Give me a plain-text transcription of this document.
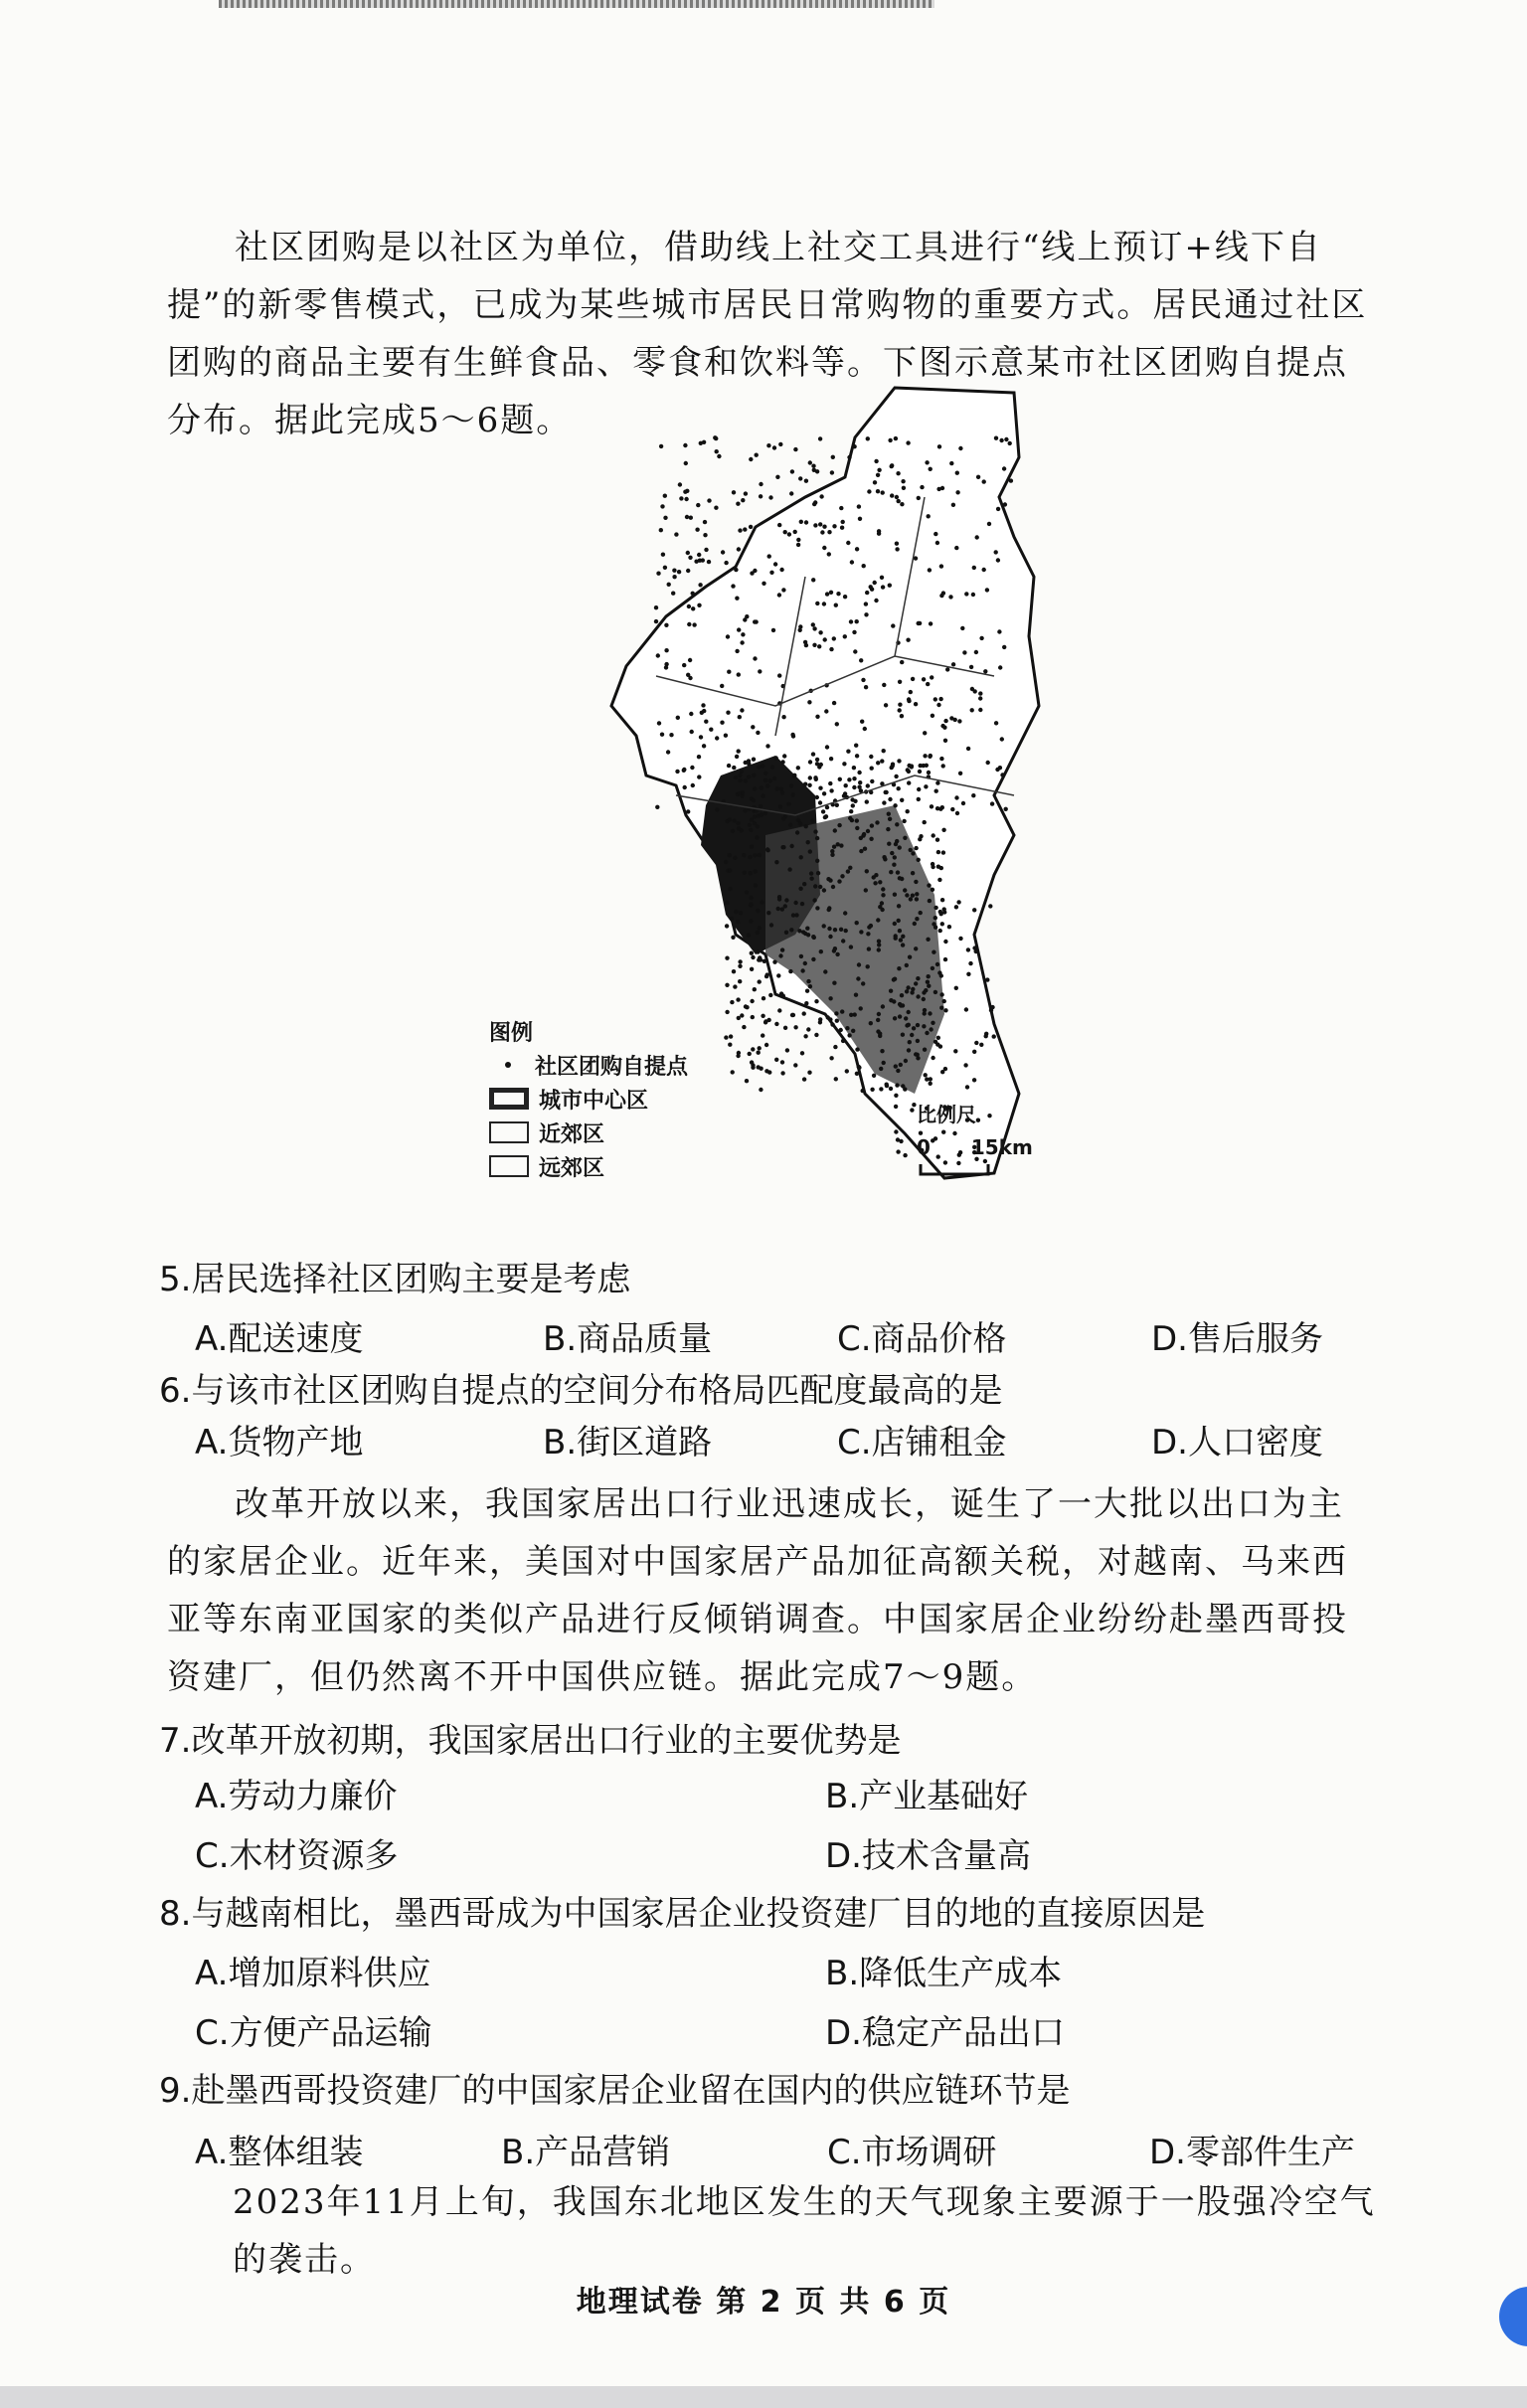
社区团购是以社区为单位，借助线上社交工具进行“线上预订+线下自提”的新零售模式，已成为某些城市居民日常购物的重要方式。居民通过社区团购的商品主要有生鲜食品、零食和饮料等。下图示意某市社区团购自提点分布。据此完成5～6题。

图例
社区团购自提点
城市中心区
近郊区
远郊区
比例尺
0 15km
5.居民选择社区团购主要是考虑
A.配送速度	B.商品质量	C.商品价格	D.售后服务
6.与该市社区团购自提点的空间分布格局匹配度最高的是
A.货物产地	B.街区道路	C.店铺租金	D.人口密度

改革开放以来，我国家居出口行业迅速成长，诞生了一大批以出口为主的家居企业。近年来，美国对中国家居产品加征高额关税，对越南、马来西亚等东南亚国家的类似产品进行反倾销调查。中国家居企业纷纷赴墨西哥投资建厂，但仍然离不开中国供应链。据此完成7～9题。

7.改革开放初期，我国家居出口行业的主要优势是
A.劳动力廉价	B.产业基础好
C.木材资源多	D.技术含量高
8.与越南相比，墨西哥成为中国家居企业投资建厂目的地的直接原因是
A.增加原料供应	B.降低生产成本
C.方便产品运输	D.稳定产品出口
9.赴墨西哥投资建厂的中国家居企业留在国内的供应链环节是
A.整体组装	B.产品营销	C.市场调研	D.零部件生产

2023年11月上旬，我国东北地区发生的天气现象主要源于一股强冷空气的袭击。

地理试卷 第 2 页 共 6 页
